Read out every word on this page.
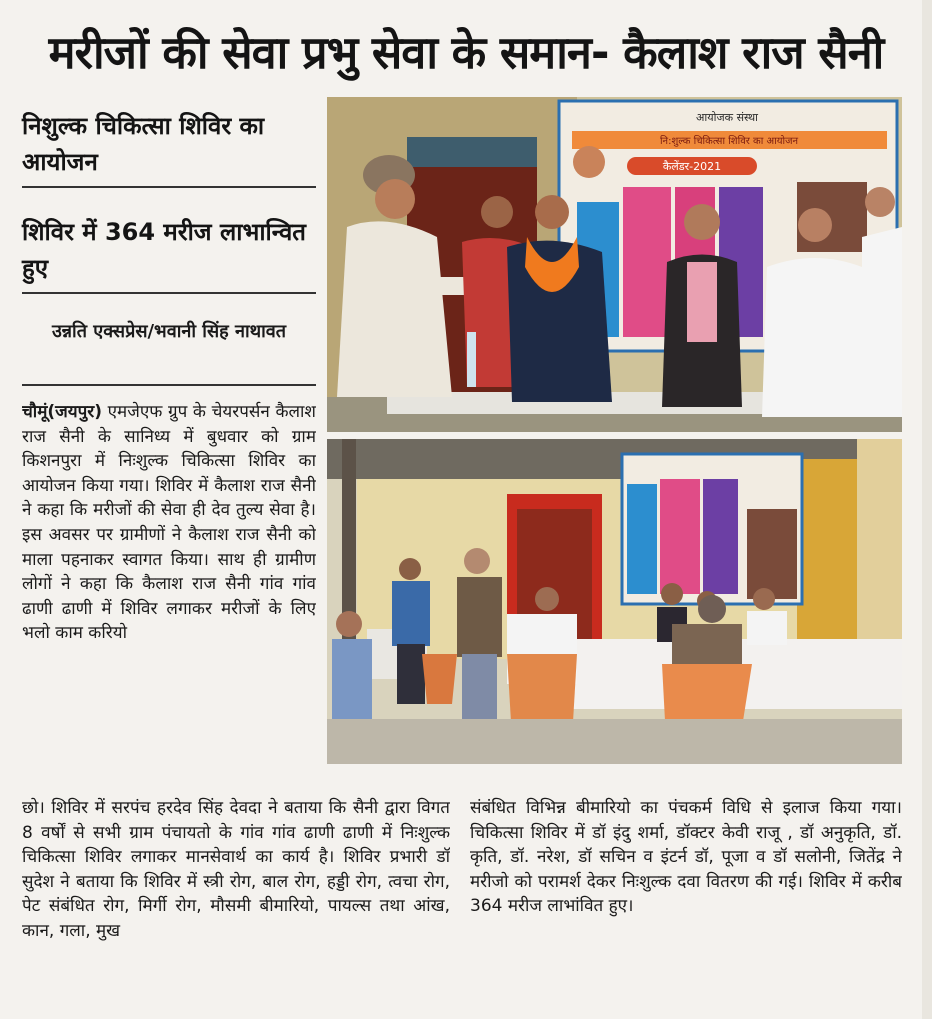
मरीजों की सेवा प्रभु सेवा के समान- कैलाश राज सैनी
निशुल्क चिकित्सा शिविर का आयोजन
शिविर में 364 मरीज लाभान्वित हुए
उन्नति एक्सप्रेस/भवानी सिंह नाथावत
चौमूं(जयपुर) एमजेएफ ग्रुप के चेयरपर्सन कैलाश राज सैनी के सानिध्य में बुधवार को ग्राम किशनपुरा में निःशुल्क चिकित्सा शिविर का आयोजन किया गया। शिविर में कैलाश राज सैनी ने कहा कि मरीजों की सेवा ही देव तुल्य सेवा है। इस अवसर पर ग्रामीणों ने कैलाश राज सैनी को माला पहनाकर स्वागत किया। साथ ही ग्रामीण लोगों ने कहा कि कैलाश राज सैनी गांव गांव ढाणी ढाणी में शिविर लगाकर मरीजों के लिए भलो काम करियो
छो। शिविर में सरपंच हरदेव सिंह देवदा ने बताया कि सैनी द्वारा विगत 8 वर्षों से सभी ग्राम पंचायतो के गांव गांव ढाणी ढाणी में निःशुल्क चिकित्सा शिविर लगाकर मानसेवार्थ का कार्य है। शिविर प्रभारी डॉ सुदेश ने बताया कि शिविर में स्त्री रोग, बाल रोग, हड्डी रोग, त्वचा रोग, पेट संबंधित रोग, मिर्गी रोग, मौसमी बीमारियो, पायल्स तथा आंख, कान, गला, मुख
संबंधित विभिन्न बीमारियो का पंचकर्म विधि से इलाज किया गया। चिकित्सा शिविर में डॉ इंदु शर्मा, डॉक्टर केवी राजू , डॉ अनुकृति, डॉ. कृति, डॉ. नरेश, डॉ सचिन व इंटर्न डॉ, पूजा व डॉ सलोनी, जितेंद्र ने मरीजो को परामर्श देकर निःशुल्क दवा वितरण की गई। शिविर में करीब 364 मरीज लाभांवित हुए।
कैलेंडर-2021
आयोजक संस्था
नि:शुल्क चिकित्सा शिविर का आयोजन
